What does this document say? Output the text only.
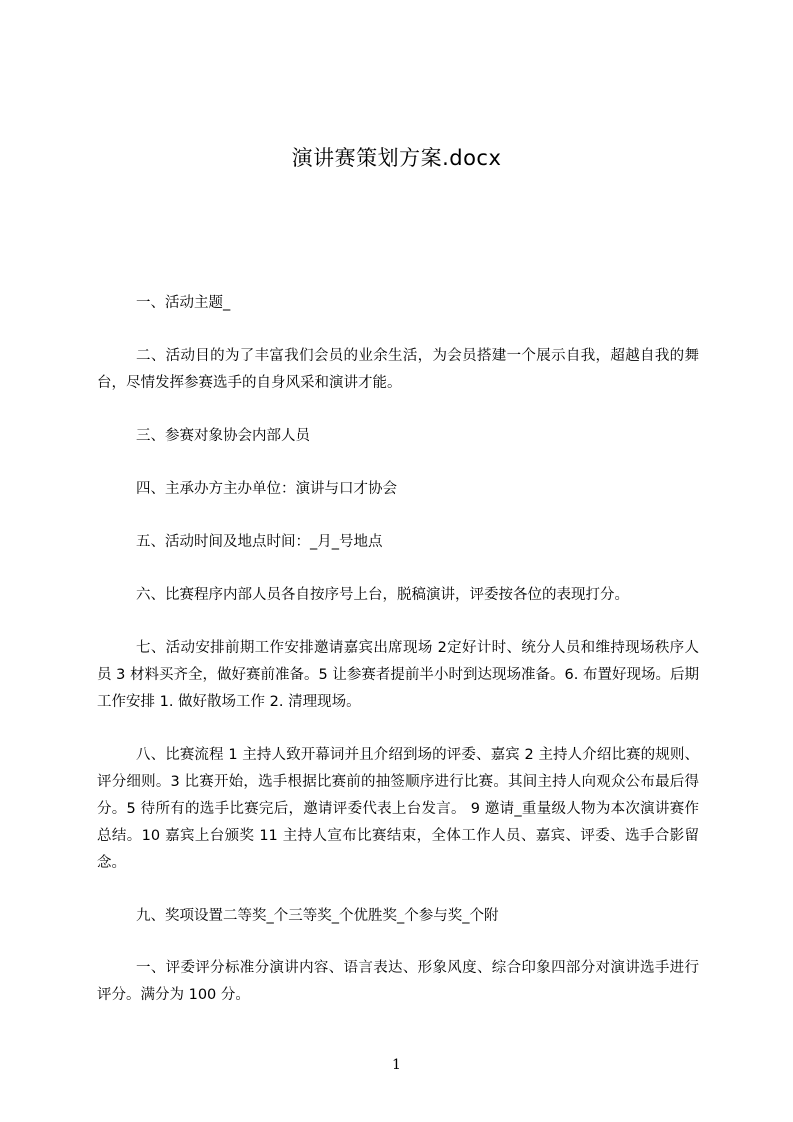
演讲赛策划方案.docx

一、活动主题_

二、活动目的为了丰富我们会员的业余生活，为会员搭建一个展示自我，超越自我的舞台，尽情发挥参赛选手的自身风采和演讲才能。

三、参赛对象协会内部人员

四、主承办方主办单位：演讲与口才协会

五、活动时间及地点时间：_月_号地点

六、比赛程序内部人员各自按序号上台，脱稿演讲，评委按各位的表现打分。

七、活动安排前期工作安排邀请嘉宾出席现场 2定好计时、统分人员和维持现场秩序人员 3 材料买齐全，做好赛前准备。5 让参赛者提前半小时到达现场准备。6. 布置好现场。后期工作安排 1. 做好散场工作 2. 清理现场。

八、比赛流程 1 主持人致开幕词并且介绍到场的评委、嘉宾 2 主持人介绍比赛的规则、评分细则。3 比赛开始，选手根据比赛前的抽签顺序进行比赛。其间主持人向观众公布最后得分。5 待所有的选手比赛完后，邀请评委代表上台发言。 9 邀请_重量级人物为本次演讲赛作总结。10 嘉宾上台颁奖 11 主持人宣布比赛结束，全体工作人员、嘉宾、评委、选手合影留念。

九、奖项设置二等奖_个三等奖_个优胜奖_个参与奖_个附

一、评委评分标准分演讲内容、语言表达、形象风度、综合印象四部分对演讲选手进行评分。满分为 100 分。

1
